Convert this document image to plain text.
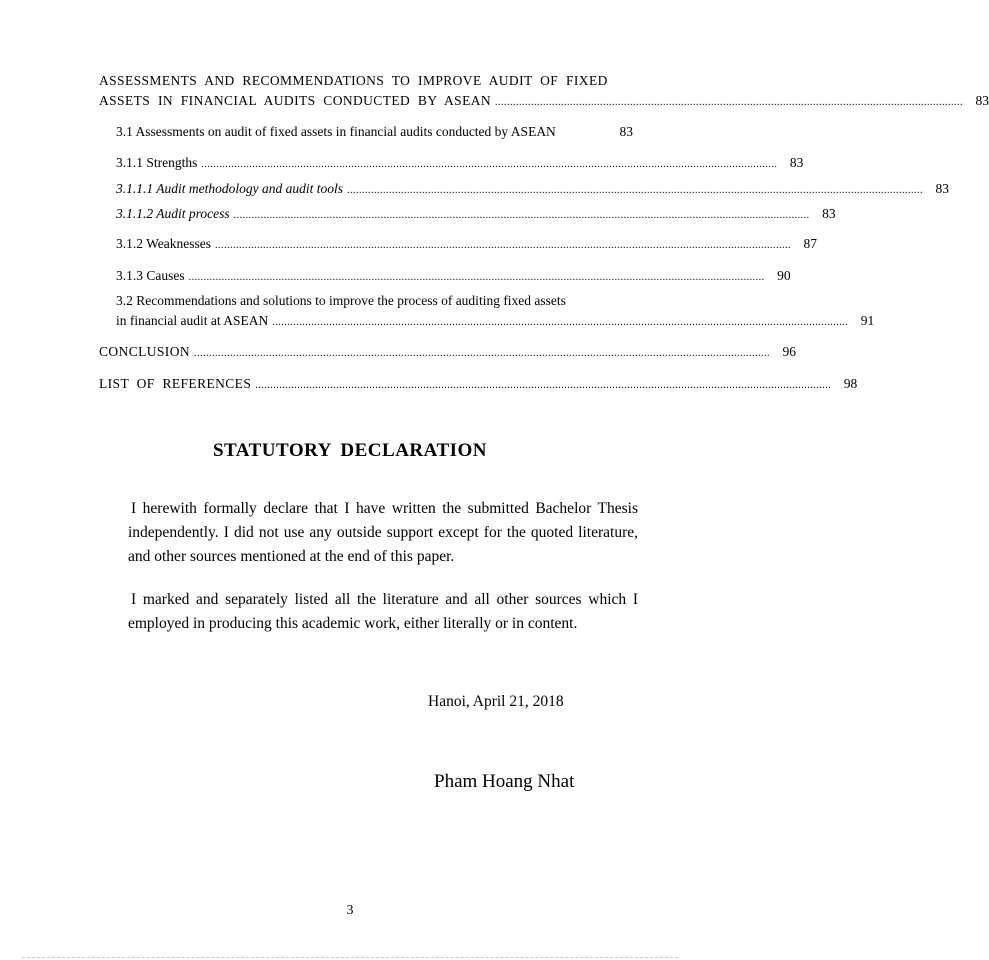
ASSESSMENTS AND RECOMMENDATIONS TO IMPROVE AUDIT OF FIXED
ASSETS IN FINANCIAL AUDITS CONDUCTED BY ASEAN ............................................................................................................................................................ 83
3.1 Assessments on audit of fixed assets in financial audits conducted by ASEAN	83
3.1.1 Strengths ................................................................................................................................................................................................ 83
3.1.1.1 Audit methodology and audit tools ................................................................................................................................................................................................ 83
3.1.1.2 Audit process ................................................................................................................................................................................................ 83
3.1.2 Weaknesses ................................................................................................................................................................................................ 87
3.1.3 Causes ................................................................................................................................................................................................ 90
3.2 Recommendations and solutions to improve the process of auditing fixed assets
in financial audit at ASEAN ................................................................................................................................................................................................ 91
CONCLUSION ................................................................................................................................................................................................ 96
LIST OF REFERENCES ................................................................................................................................................................................................ 98
STATUTORY DECLARATION
I herewith formally declare that I have written the submitted Bachelor Thesis independently. I did not use any outside support except for the quoted literature, and other sources mentioned at the end of this paper.
I marked and separately listed all the literature and all other sources which I employed in producing this academic work, either literally or in content.
Hanoi, April 21, 2018
Pham Hoang Nhat
3
